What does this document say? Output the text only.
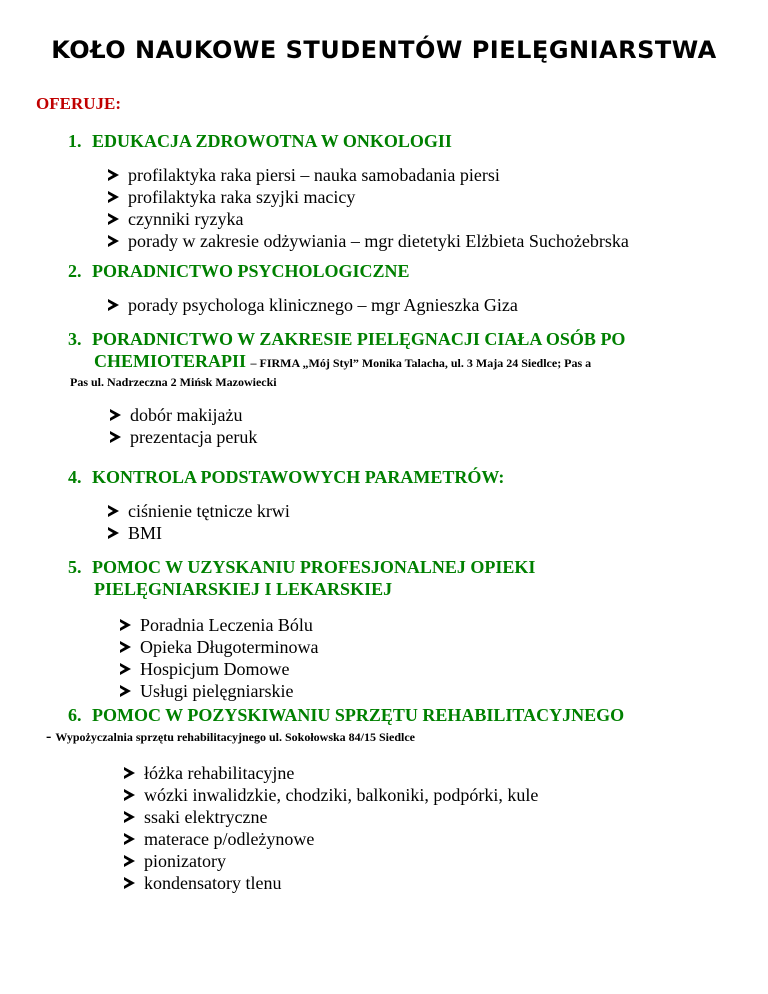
KOŁO NAUKOWE STUDENTÓW PIELĘGNIARSTWA
OFERUJE:
1. EDUKACJA ZDROWOTNA W ONKOLOGII
profilaktyka raka piersi – nauka samobadania piersi
profilaktyka raka szyjki macicy
czynniki ryzyka
porady w zakresie odżywiania – mgr dietetyki Elżbieta Suchożebrska
2. PORADNICTWO PSYCHOLOGICZNE
porady psychologa klinicznego – mgr Agnieszka Giza
3. PORADNICTWO W ZAKRESIE PIELĘGNACJI CIAŁA OSÓB PO
CHEMIOTERAPII – FIRMA „Mój Styl” Monika Talacha, ul. 3 Maja 24 Siedlce; Pas a
Pas ul. Nadrzeczna 2 Mińsk Mazowiecki
dobór makijażu
prezentacja peruk
4. KONTROLA PODSTAWOWYCH PARAMETRÓW:
ciśnienie tętnicze krwi
BMI
5. POMOC W UZYSKANIU PROFESJONALNEJ OPIEKI
PIELĘGNIARSKIEJ I LEKARSKIEJ
Poradnia Leczenia Bólu
Opieka Długoterminowa
Hospicjum Domowe
Usługi pielęgniarskie
6. POMOC W POZYSKIWANIU SPRZĘTU REHABILITACYJNEGO
- Wypożyczalnia sprzętu rehabilitacyjnego ul. Sokołowska 84/15 Siedlce
łóżka rehabilitacyjne
wózki inwalidzkie, chodziki, balkoniki, podpórki, kule
ssaki elektryczne
materace p/odleżynowe
pionizatory
kondensatory tlenu
